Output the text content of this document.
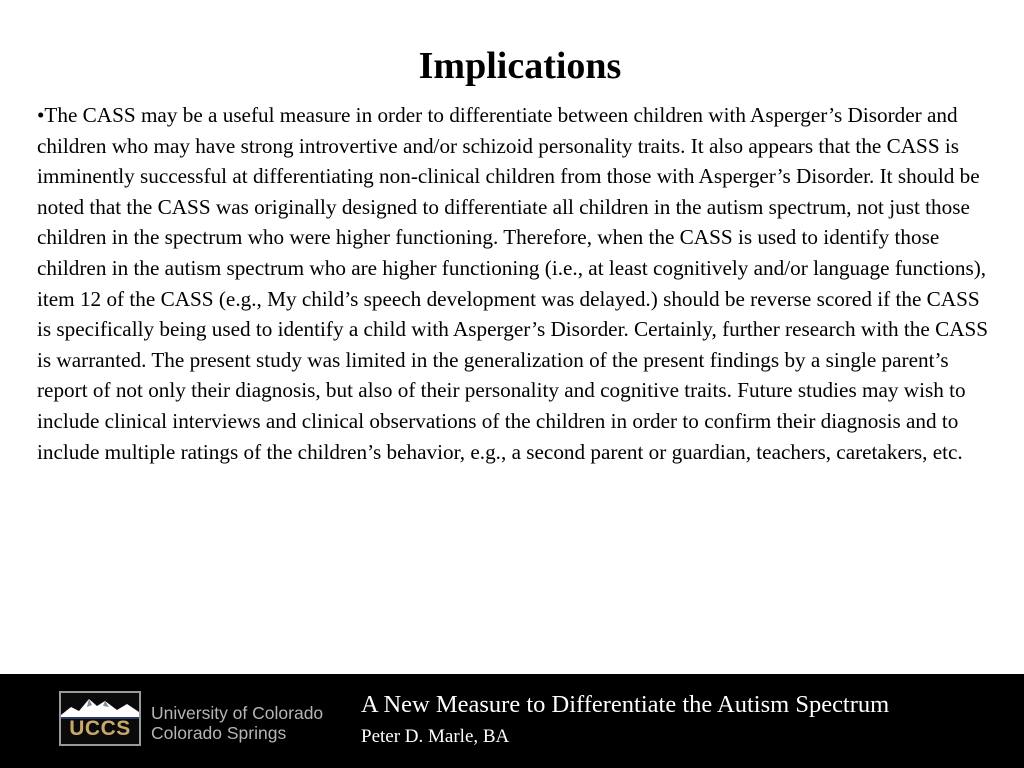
Implications

•The CASS may be a useful measure in order to differentiate between children with Asperger’s Disorder and children who may have strong introvertive and/or schizoid personality traits. It also appears that the CASS is imminently successful at differentiating non-clinical children from those with Asperger’s Disorder. It should be noted that the CASS was originally designed to differentiate all children in the autism spectrum, not just those children in the spectrum who were higher functioning. Therefore, when the CASS is used to identify those children in the autism spectrum who are higher functioning (i.e., at least cognitively and/or language functions), item 12 of the CASS (e.g., My child’s speech development was delayed.) should be reverse scored if the CASS is specifically being used to identify a child with Asperger’s Disorder. Certainly, further research with the CASS is warranted. The present study was limited in the generalization of the present findings by a single parent’s report of not only their diagnosis, but also of their personality and cognitive traits. Future studies may wish to include clinical interviews and clinical observations of the children in order to confirm their diagnosis and to include multiple ratings of the children’s behavior, e.g., a second parent or guardian, teachers, caretakers, etc.

UCCS

University of Colorado
Colorado Springs

A New Measure to Differentiate the Autism Spectrum

Peter D. Marle, BA
